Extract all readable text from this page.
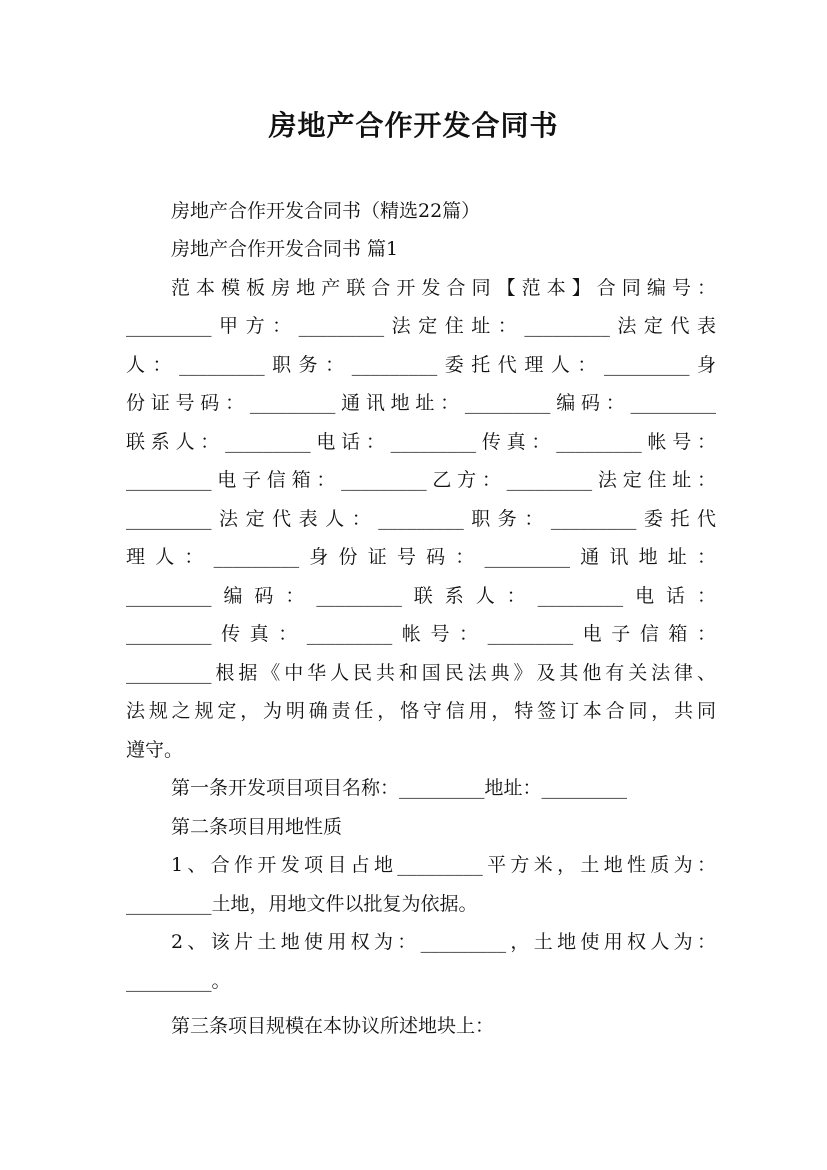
房地产合作开发合同书
房地产合作开发合同书（精选22篇）
房地产合作开发合同书 篇1
范本模板房地产联合开发合同【范本】合同编号：
_________甲方：_________法定住址：_________法定代表
人：_________职务：_________委托代理人：_________身
份证号码：_________通讯地址：_________编码：_________
联系人：_________电话：_________传真：_________帐号：
_________电子信箱：_________乙方：_________法定住址：
_________法定代表人：_________职务：_________委托代
理人：_________身份证号码：_________通讯地址：
_________编码：_________联系人：_________电话：
_________传真：_________帐号：_________电子信箱：
_________根据《中华人民共和国民法典》及其他有关法律、
法规之规定，为明确责任，恪守信用，特签订本合同，共同
遵守。
第一条开发项目项目名称：_________地址：_________
第二条项目用地性质
1、合作开发项目占地_________平方米，土地性质为：
_________土地，用地文件以批复为依据。
2、该片土地使用权为：_________，土地使用权人为：
_________。
第三条项目规模在本协议所述地块上：
